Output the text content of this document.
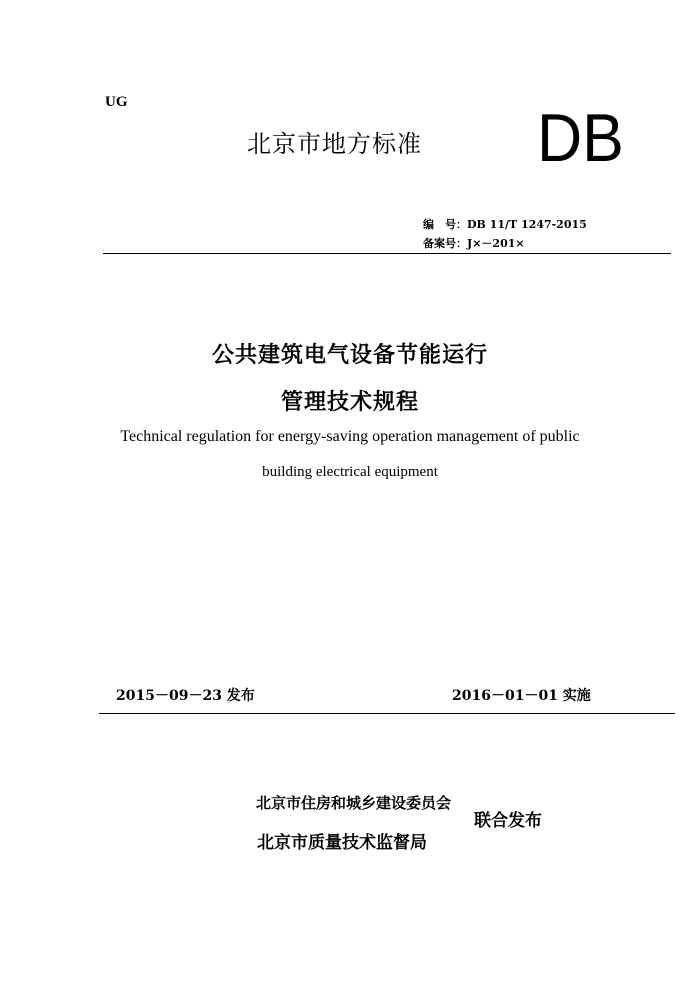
UG
北京市地方标准 DB
编　号：DB 11/T 1247-2015
备案号：J×－201×
公共建筑电气设备节能运行
管理技术规程
Technical regulation for energy-saving operation management of public
building electrical equipment
2015－09－23 发布	2016－01－01 实施
北京市住房和城乡建设委员会
北京市质量技术监督局
联合发布
